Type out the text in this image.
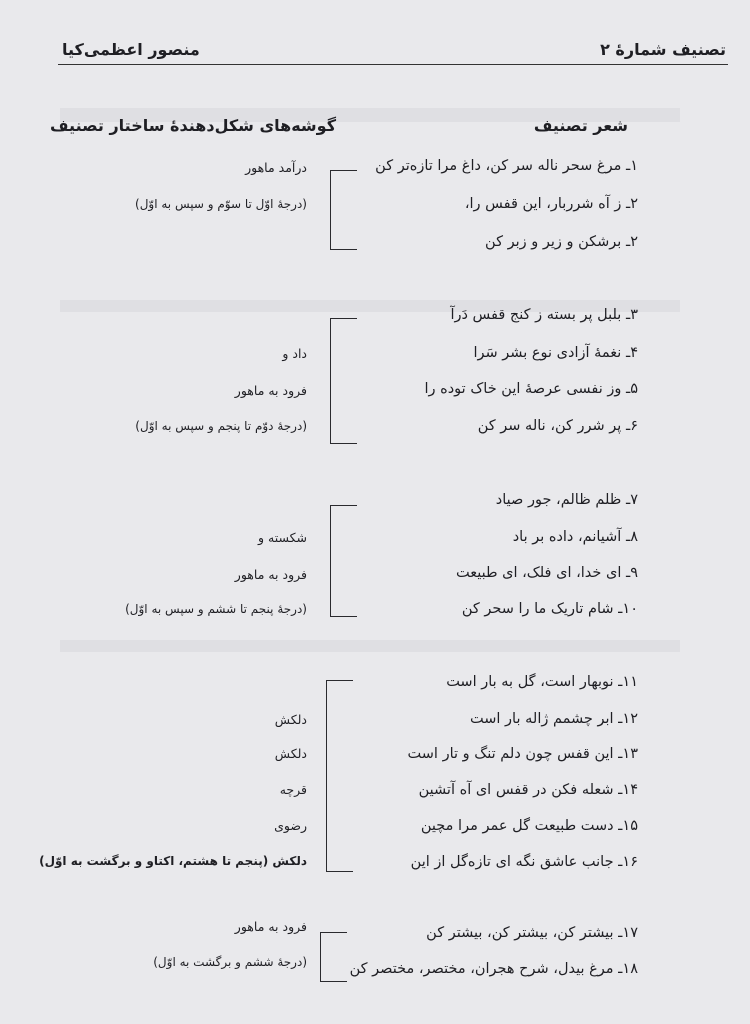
تصنیف شمارهٔ ۲
منصور اعظمی‌کیا
شعر تصنیف
گوشه‌های شکل‌دهندهٔ ساختار تصنیف
۱ـ مرغ سحر ناله سر کن، داغ مرا تازه‌تر کن
۲ـ ز آه شرربار، این قفس را،
۲ـ برشکن و زیر و زبر کن
۳ـ بلبل پر بسته ز کنج قفس دَرآ
۴ـ نغمهٔ آزادی نوع بشر سَرا
۵ـ وز نفسی عرصهٔ این خاک توده را
۶ـ پر شرر کن، ناله سر کن
۷ـ ظلم ظالم، جور صیاد
۸ـ آشیانم، داده بر باد
۹ـ ای خدا، ای فلک، ای طبیعت
۱۰ـ شام تاریک ما را سحر کن
۱۱ـ نوبهار است، گل به بار است
۱۲ـ ابر چشمم ژاله بار است
۱۳ـ این قفس چون دلم تنگ و تار است
۱۴ـ شعله فکن در قفس ای آه آتشین
۱۵ـ دست طبیعت گل عمر مرا مچین
۱۶ـ جانب عاشق نگه ای تازه‌گل از این
۱۷ـ بیشتر کن، بیشتر کن، بیشتر کن
۱۸ـ مرغ بیدل، شرح هجران، مختصر، مختصر کن
درآمد ماهور
(درجهٔ اوّل تا سوّم و سپس به اوّل)
داد و
فرود به ماهور
(درجهٔ دوّم تا پنجم و سپس به اوّل)
شکسته و
فرود به ماهور
(درجهٔ پنجم تا ششم و سپس به اوّل)
دلکش
دلکش
قرچه
رضوی
دلکش (پنجم تا هشتم، اکتاو و برگشت به اوّل)
فرود به ماهور
(درجهٔ ششم و برگشت به اوّل)
